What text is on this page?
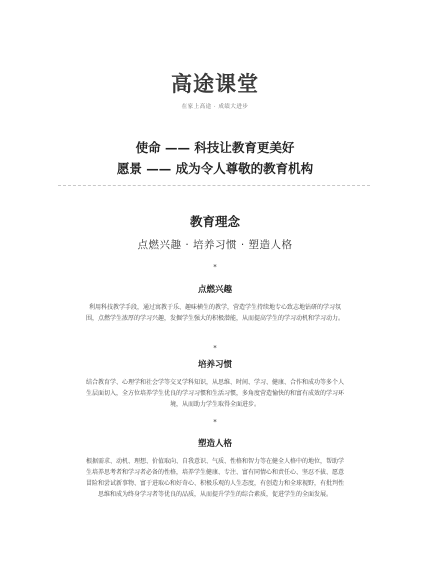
高途课堂
在家上高途 · 成绩大进步
使命 —— 科技让教育更美好
愿景 —— 成为令人尊敬的教育机构
教育理念
点燃兴趣 · 培养习惯 · 塑造人格
*
点燃兴趣
利用科技教学手段，通过寓教于乐、趣味横生的教学，营造学生持续地专心致志地钻研的学习氛
围，点燃学生浓厚的学习兴趣，发掘学生强大的积极潜能，从而提高学生的学习动机和学习动力。
*
培养习惯
结合教育学、心理学和社会学等交叉学科知识，从思维、时间、学习、健康、合作和成功等多个人
生层面切入，全方位培养学生优良的学习习惯和生活习惯，多角度营造愉快的和富有成效的学习环
境，从而助力学生取得全面进步。
*
塑造人格
根据需求、动机、理想、价值取向、自我意识、气质、性格和智力等在健全人格中的地位，帮助学
生培养思考者和学习者必备的性格，培养学生健康、专注、富有同情心和责任心、坚忍不拔、愿意
冒险和尝试新事物、富于进取心和好奇心、积极乐观的人生态度，有创造力和全球视野，有批判性
思维和成为终身学习者等优良的品质，从而提升学生的综合素质，促进学生的全面发展。
